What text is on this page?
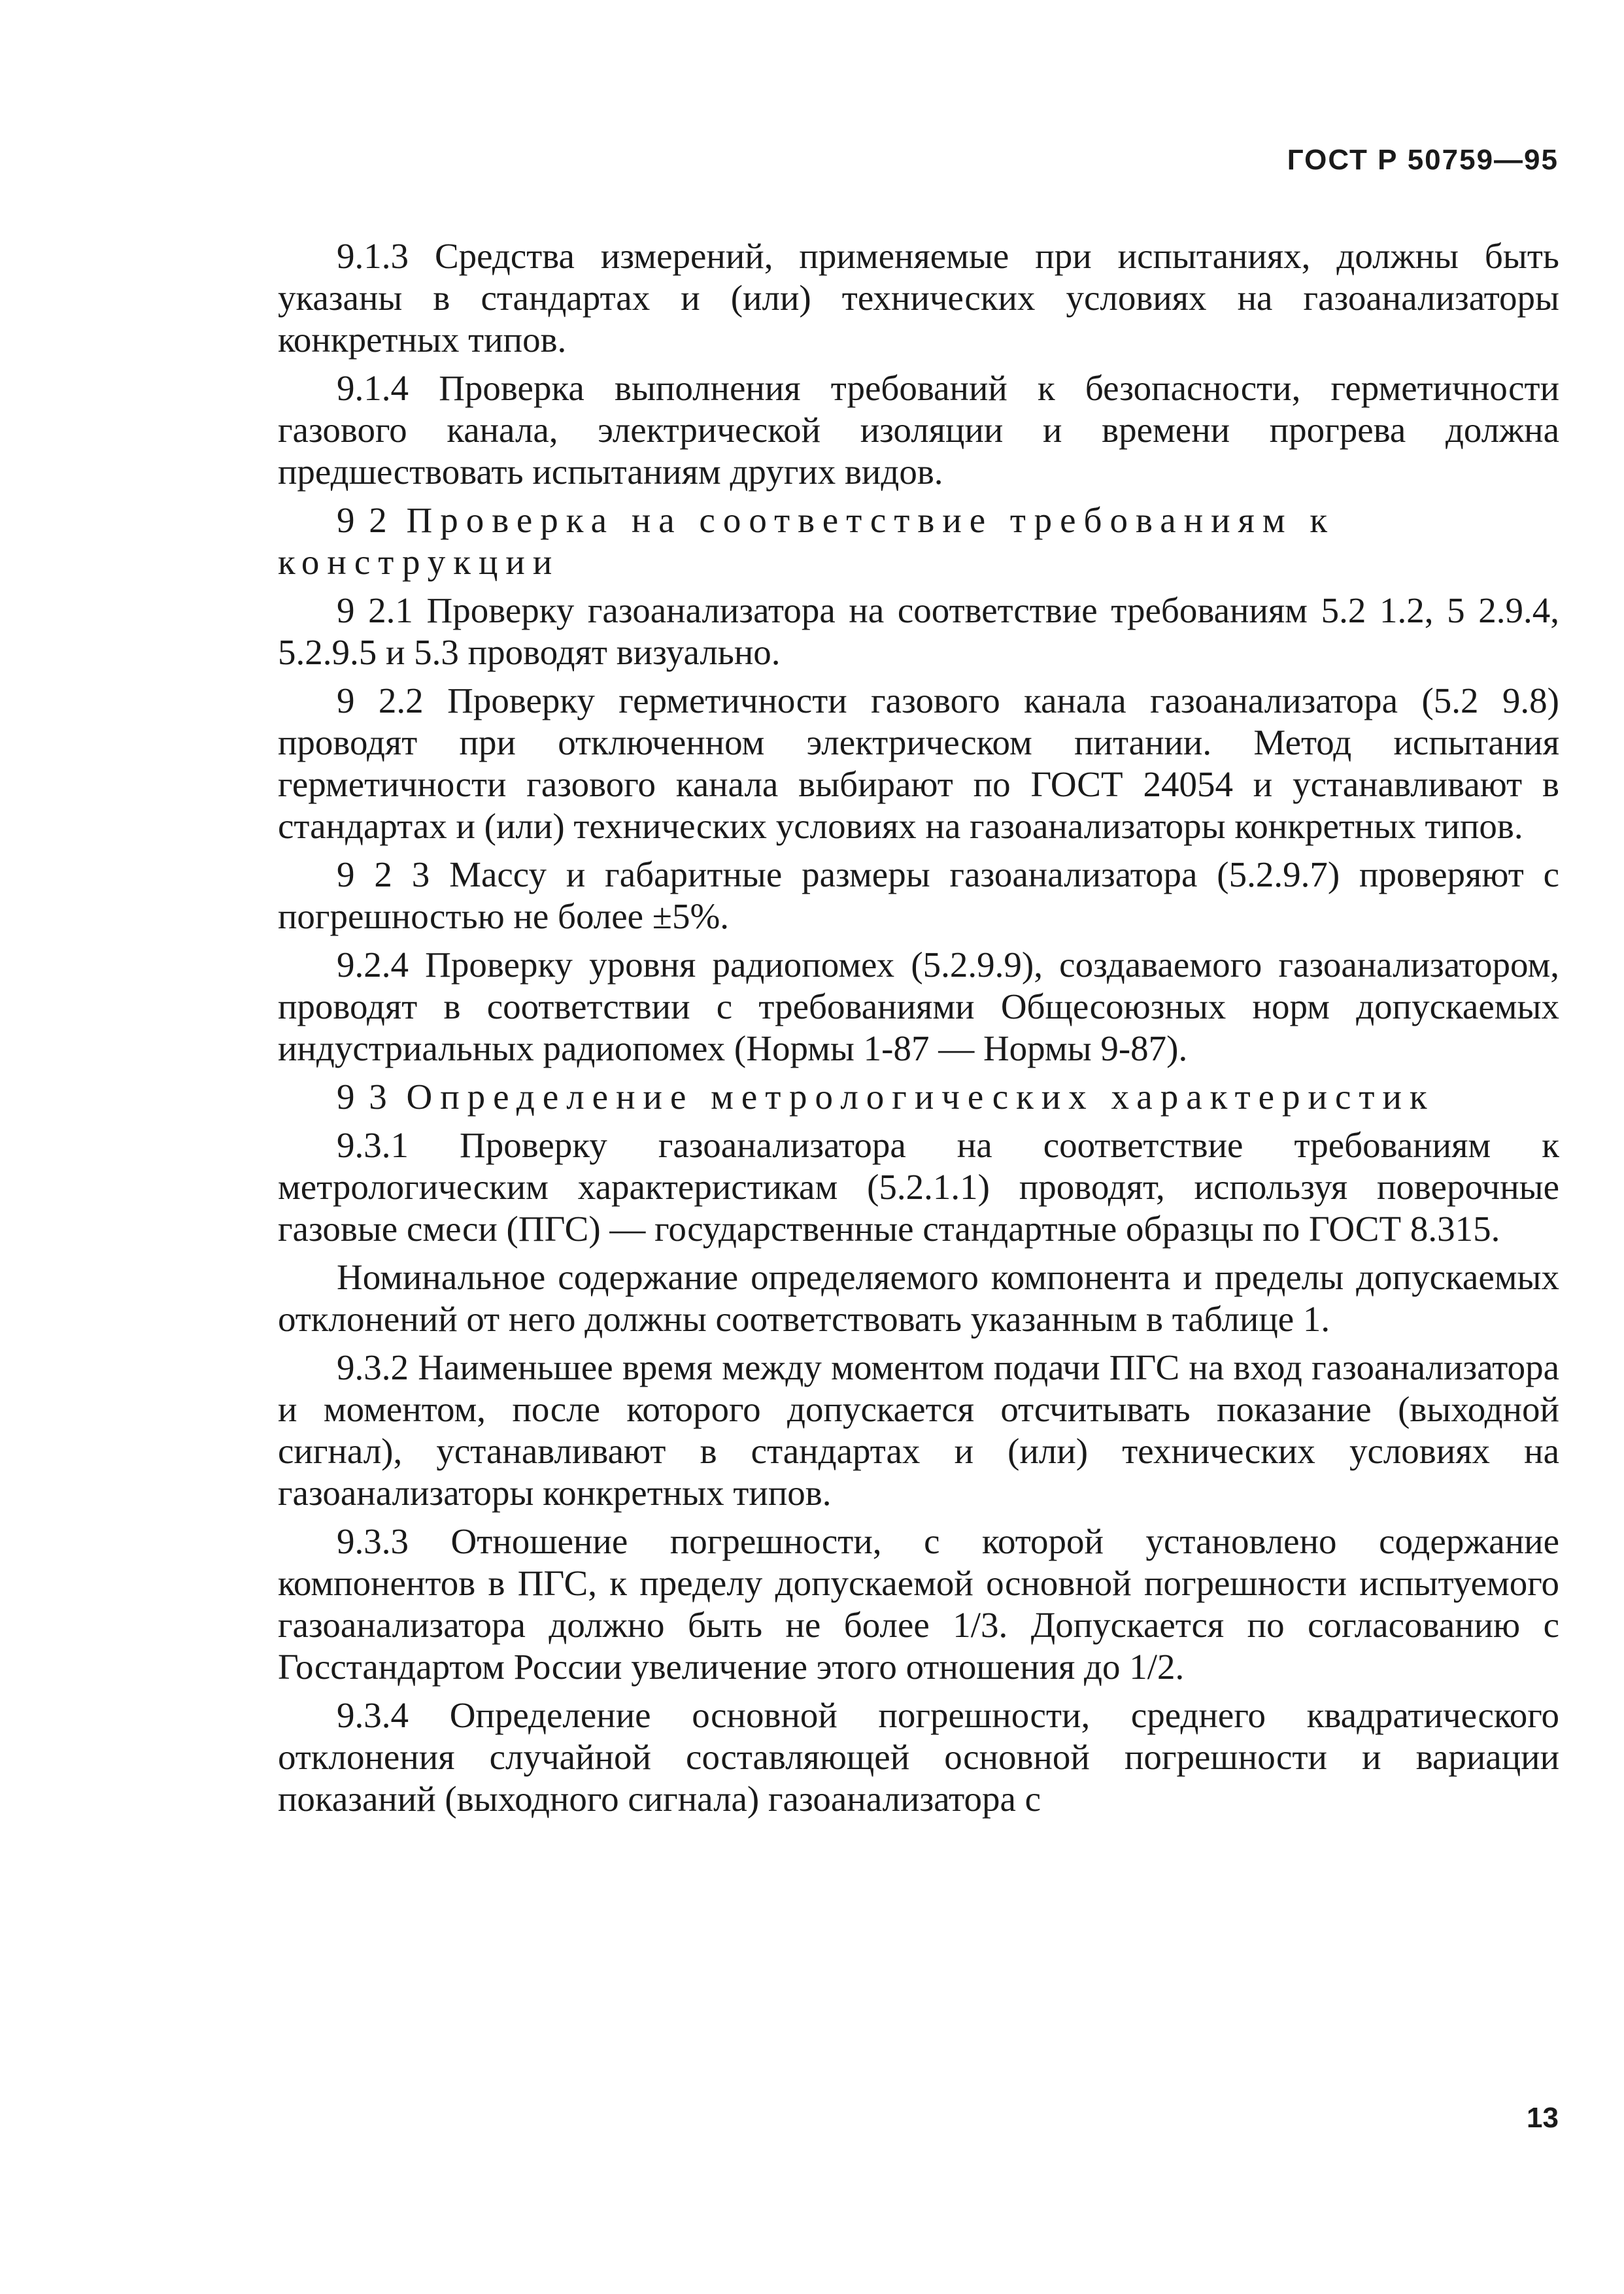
ГОСТ Р 50759—95

9.1.3 Средства измерений, применяемые при испытаниях, должны быть указаны в стандартах и (или) технических условиях на газоанализаторы конкретных типов.

9.1.4 Проверка выполнения требований к безопасности, герметичности газового канала, электрической изоляции и времени прогрева должна предшествовать испытаниям других видов.

9 2 Проверка на соответствие требованиям к конструкции

9 2.1 Проверку газоанализатора на соответствие требованиям 5.2 1.2, 5 2.9.4, 5.2.9.5 и 5.3 проводят визуально.

9 2.2 Проверку герметичности газового канала газоанализатора (5.2 9.8) проводят при отключенном электрическом питании. Метод испытания герметичности газового канала выбирают по ГОСТ 24054 и устанавливают в стандартах и (или) технических условиях на газоанализаторы конкретных типов.

9 2 3 Массу и габаритные размеры газоанализатора (5.2.9.7) проверяют с погрешностью не более ±5%.

9.2.4 Проверку уровня радиопомех (5.2.9.9), создаваемого газоанализатором, проводят в соответствии с требованиями Общесоюзных норм допускаемых индустриальных радиопомех (Нормы 1-87 — Нормы 9-87).

9 3 Определение метрологических характеристик

9.3.1 Проверку газоанализатора на соответствие требованиям к метрологическим характеристикам (5.2.1.1) проводят, используя поверочные газовые смеси (ПГС) — государственные стандартные образцы по ГОСТ 8.315.

Номинальное содержание определяемого компонента и пределы допускаемых отклонений от него должны соответствовать указанным в таблице 1.

9.3.2 Наименьшее время между моментом подачи ПГС на вход газоанализатора и моментом, после которого допускается отсчитывать показание (выходной сигнал), устанавливают в стандартах и (или) технических условиях на газоанализаторы конкретных типов.

9.3.3 Отношение погрешности, с которой установлено содержание компонентов в ПГС, к пределу допускаемой основной погрешности испытуемого газоанализатора должно быть не более 1/3. Допускается по согласованию с Госстандартом России увеличение этого отношения до 1/2.

9.3.4 Определение основной погрешности, среднего квадратического отклонения случайной составляющей основной погрешности и вариации показаний (выходного сигнала) газоанализатора с

13
